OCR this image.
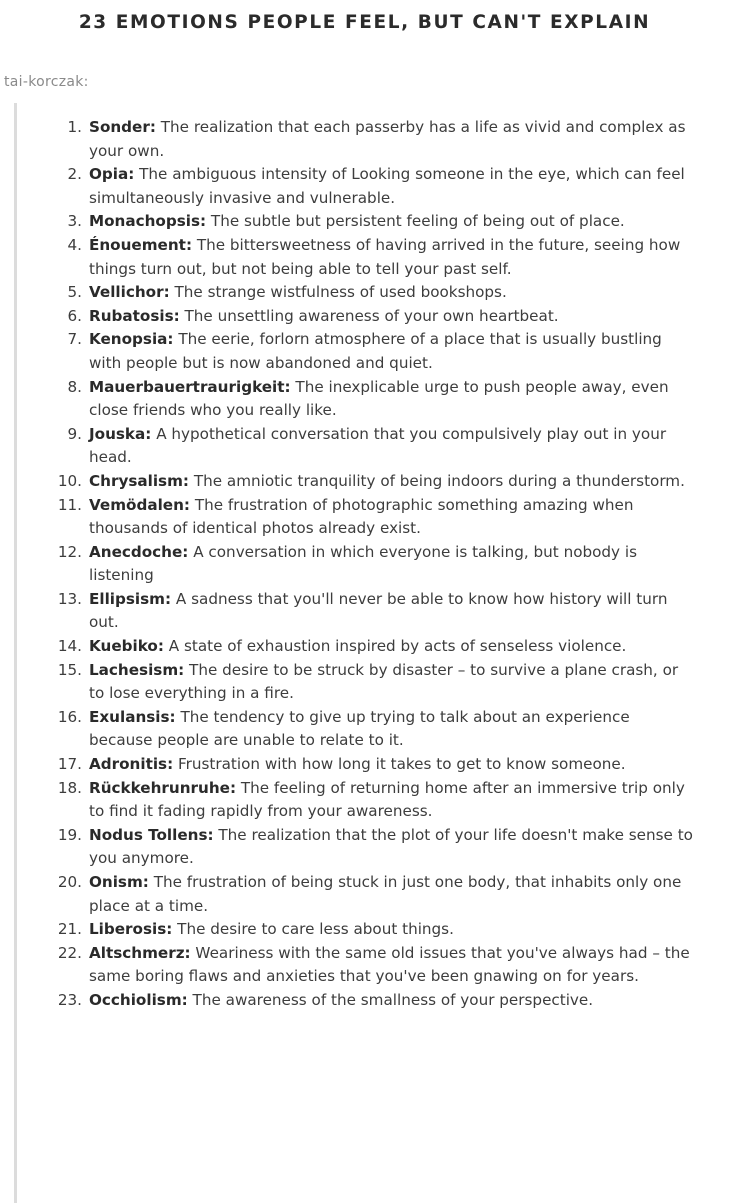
23 EMOTIONS PEOPLE FEEL, BUT CAN'T EXPLAIN
tai-korczak:
1. Sonder: The realization that each passerby has a life as vivid and complex as your own.
2. Opia: The ambiguous intensity of Looking someone in the eye, which can feel simultaneously invasive and vulnerable.
3. Monachopsis: The subtle but persistent feeling of being out of place.
4. Énouement: The bittersweetness of having arrived in the future, seeing how things turn out, but not being able to tell your past self.
5. Vellichor: The strange wistfulness of used bookshops.
6. Rubatosis: The unsettling awareness of your own heartbeat.
7. Kenopsia: The eerie, forlorn atmosphere of a place that is usually bustling with people but is now abandoned and quiet.
8. Mauerbauertraurigkeit: The inexplicable urge to push people away, even close friends who you really like.
9. Jouska: A hypothetical conversation that you compulsively play out in your head.
10. Chrysalism: The amniotic tranquility of being indoors during a thunderstorm.
11. Vemödalen: The frustration of photographic something amazing when thousands of identical photos already exist.
12. Anecdoche: A conversation in which everyone is talking, but nobody is listening
13. Ellipsism: A sadness that you'll never be able to know how history will turn out.
14. Kuebiko: A state of exhaustion inspired by acts of senseless violence.
15. Lachesism: The desire to be struck by disaster – to survive a plane crash, or to lose everything in a fire.
16. Exulansis: The tendency to give up trying to talk about an experience because people are unable to relate to it.
17. Adronitis: Frustration with how long it takes to get to know someone.
18. Rückkehrunruhe: The feeling of returning home after an immersive trip only to find it fading rapidly from your awareness.
19. Nodus Tollens: The realization that the plot of your life doesn't make sense to you anymore.
20. Onism: The frustration of being stuck in just one body, that inhabits only one place at a time.
21. Liberosis: The desire to care less about things.
22. Altschmerz: Weariness with the same old issues that you've always had – the same boring flaws and anxieties that you've been gnawing on for years.
23. Occhiolism: The awareness of the smallness of your perspective.
